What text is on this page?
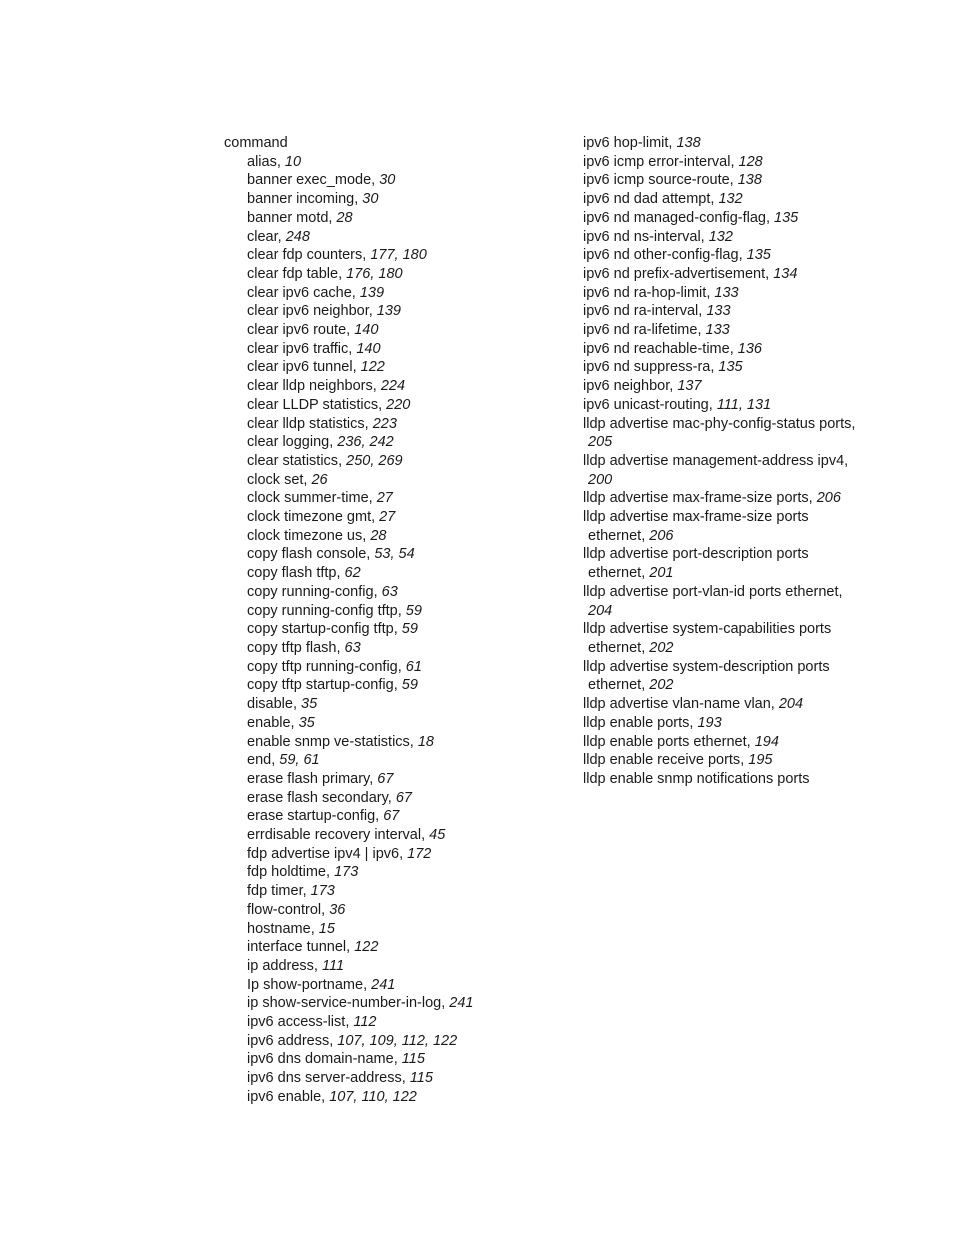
command
alias, 10
banner exec_mode, 30
banner incoming, 30
banner motd, 28
clear, 248
clear fdp counters, 177, 180
clear fdp table, 176, 180
clear ipv6 cache, 139
clear ipv6 neighbor, 139
clear ipv6 route, 140
clear ipv6 traffic, 140
clear ipv6 tunnel, 122
clear lldp neighbors, 224
clear LLDP statistics, 220
clear lldp statistics, 223
clear logging, 236, 242
clear statistics, 250, 269
clock set, 26
clock summer-time, 27
clock timezone gmt, 27
clock timezone us, 28
copy flash console, 53, 54
copy flash tftp, 62
copy running-config, 63
copy running-config tftp, 59
copy startup-config tftp, 59
copy tftp flash, 63
copy tftp running-config, 61
copy tftp startup-config, 59
disable, 35
enable, 35
enable snmp ve-statistics, 18
end, 59, 61
erase flash primary, 67
erase flash secondary, 67
erase startup-config, 67
errdisable recovery interval, 45
fdp advertise ipv4 | ipv6, 172
fdp holdtime, 173
fdp timer, 173
flow-control, 36
hostname, 15
interface tunnel, 122
ip address, 111
Ip show-portname, 241
ip show-service-number-in-log, 241
ipv6 access-list, 112
ipv6 address, 107, 109, 112, 122
ipv6 dns domain-name, 115
ipv6 dns server-address, 115
ipv6 enable, 107, 110, 122
ipv6 hop-limit, 138
ipv6 icmp error-interval, 128
ipv6 icmp source-route, 138
ipv6 nd dad attempt, 132
ipv6 nd managed-config-flag, 135
ipv6 nd ns-interval, 132
ipv6 nd other-config-flag, 135
ipv6 nd prefix-advertisement, 134
ipv6 nd ra-hop-limit, 133
ipv6 nd ra-interval, 133
ipv6 nd ra-lifetime, 133
ipv6 nd reachable-time, 136
ipv6 nd suppress-ra, 135
ipv6 neighbor, 137
ipv6 unicast-routing, 111, 131
lldp advertise mac-phy-config-status ports,
205
lldp advertise management-address ipv4,
200
lldp advertise max-frame-size ports, 206
lldp advertise max-frame-size ports
ethernet, 206
lldp advertise port-description ports
ethernet, 201
lldp advertise port-vlan-id ports ethernet,
204
lldp advertise system-capabilities ports
ethernet, 202
lldp advertise system-description ports
ethernet, 202
lldp advertise vlan-name vlan, 204
lldp enable ports, 193
lldp enable ports ethernet, 194
lldp enable receive ports, 195
lldp enable snmp notifications ports
